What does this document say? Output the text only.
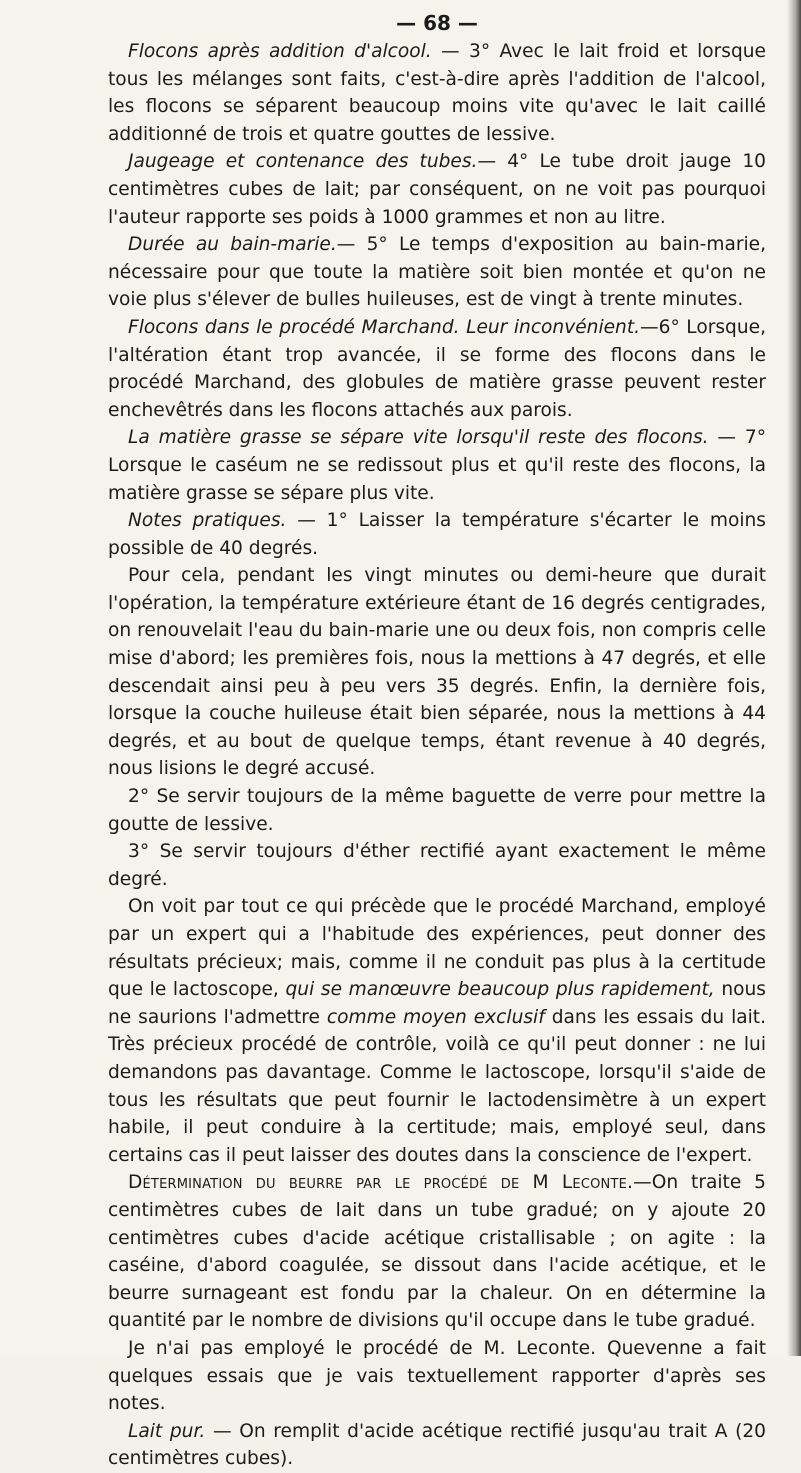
— 68 —

Flocons après addition d'alcool. — 3° Avec le lait froid et lorsque tous les mélanges sont faits, c'est-à-dire après l'addition de l'alcool, les flocons se séparent beaucoup moins vite qu'avec le lait caillé additionné de trois et quatre gouttes de lessive.

Jaugeage et contenance des tubes.— 4° Le tube droit jauge 10 centimètres cubes de lait; par conséquent, on ne voit pas pourquoi l'auteur rapporte ses poids à 1000 grammes et non au litre.

Durée au bain-marie.— 5° Le temps d'exposition au bain-marie, nécessaire pour que toute la matière soit bien montée et qu'on ne voie plus s'élever de bulles huileuses, est de vingt à trente minutes.

Flocons dans le procédé Marchand. Leur inconvénient.—6° Lorsque, l'altération étant trop avancée, il se forme des flocons dans le procédé Marchand, des globules de matière grasse peuvent rester enchevêtrés dans les flocons attachés aux parois.

La matière grasse se sépare vite lorsqu'il reste des flocons. — 7° Lorsque le caséum ne se redissout plus et qu'il reste des flocons, la matière grasse se sépare plus vite.

Notes pratiques. — 1° Laisser la température s'écarter le moins possible de 40 degrés.

Pour cela, pendant les vingt minutes ou demi-heure que durait l'opération, la température extérieure étant de 16 degrés centigrades, on renouvelait l'eau du bain-marie une ou deux fois, non compris celle mise d'abord; les premières fois, nous la mettions à 47 degrés, et elle descendait ainsi peu à peu vers 35 degrés. Enfin, la dernière fois, lorsque la couche huileuse était bien séparée, nous la mettions à 44 degrés, et au bout de quelque temps, étant revenue à 40 degrés, nous lisions le degré accusé.

2° Se servir toujours de la même baguette de verre pour mettre la goutte de lessive.

3° Se servir toujours d'éther rectifié ayant exactement le même degré.

On voit par tout ce qui précède que le procédé Marchand, employé par un expert qui a l'habitude des expériences, peut donner des résultats précieux; mais, comme il ne conduit pas plus à la certitude que le lactoscope, qui se manœuvre beaucoup plus rapidement, nous ne saurions l'admettre comme moyen exclusif dans les essais du lait. Très précieux procédé de contrôle, voilà ce qu'il peut donner : ne lui demandons pas davantage. Comme le lactoscope, lorsqu'il s'aide de tous les résultats que peut fournir le lactodensimètre à un expert habile, il peut conduire à la certitude; mais, employé seul, dans certains cas il peut laisser des doutes dans la conscience de l'expert.

Détermination du beurre par le procédé de M Leconte.—On traite 5 centimètres cubes de lait dans un tube gradué; on y ajoute 20 centimètres cubes d'acide acétique cristallisable ; on agite : la caséine, d'abord coagulée, se dissout dans l'acide acétique, et le beurre surnageant est fondu par la chaleur. On en détermine la quantité par le nombre de divisions qu'il occupe dans le tube gradué.

Je n'ai pas employé le procédé de M. Leconte. Quevenne a fait quelques essais que je vais textuellement rapporter d'après ses notes.

Lait pur. — On remplit d'acide acétique rectifié jusqu'au trait A (20 centimètres cubes).
